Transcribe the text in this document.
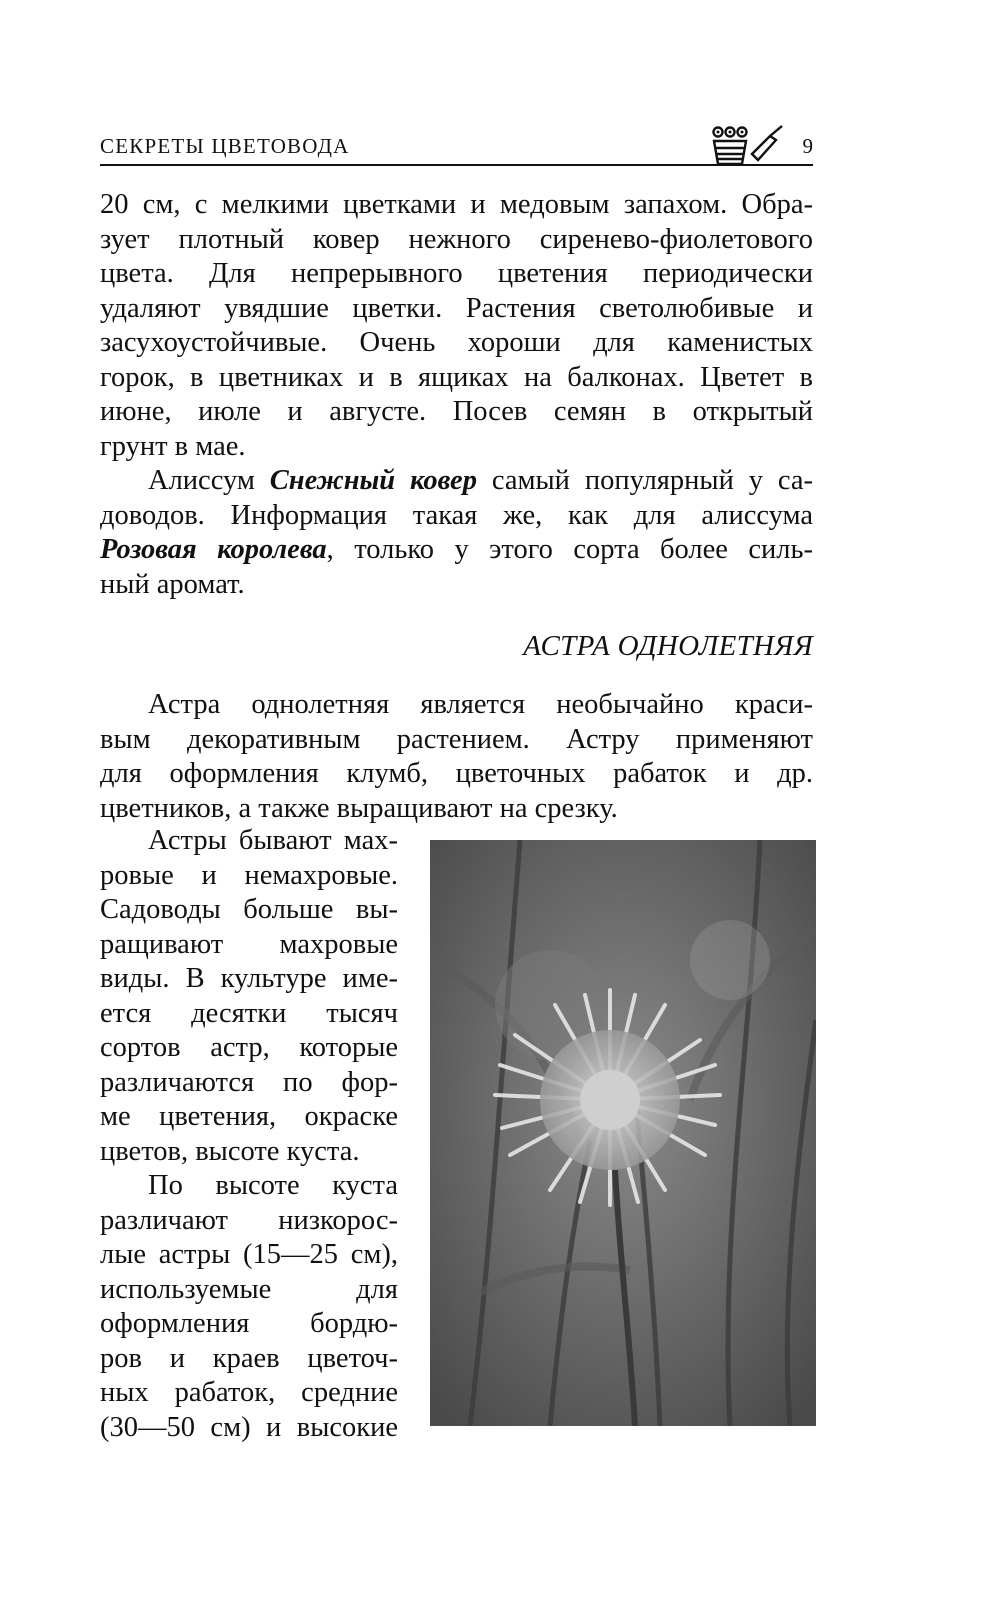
СЕКРЕТЫ ЦВЕТОВОДА	9

20 см, с мелкими цветками и медовым запахом. Обра-

зует плотный ковер нежного сиренево-фиолетового

цвета. Для непрерывного цветения периодически

удаляют увядшие цветки. Растения светолюбивые и

засухоустойчивые. Очень хороши для каменистых

горок, в цветниках и в ящиках на балконах. Цветет в

июне, июле и августе. Посев семян в открытый

грунт в мае.

Алиссум Снежный ковер самый популярный у са-

доводов. Информация такая же, как для алиссума

Розовая королева, только у этого сорта более силь-

ный аромат.

АСТРА ОДНОЛЕТНЯЯ

Астра однолетняя является необычайно краси-

вым декоративным растением. Астру применяют

для оформления клумб, цветочных рабаток и др.

цветников, а также выращивают на срезку.

Астры бывают мах-

ровые и немахровые.

Садоводы больше вы-

ращивают махровые

виды. В культуре име-

ется десятки тысяч

сортов астр, которые

различаются по фор-

ме цветения, окраске

цветов, высоте куста.

По высоте куста

различают низкорос-

лые астры (15—25 см),

используемые для

оформления бордю-

ров и краев цветоч-

ных рабаток, средние

(30—50 см) и высокие
